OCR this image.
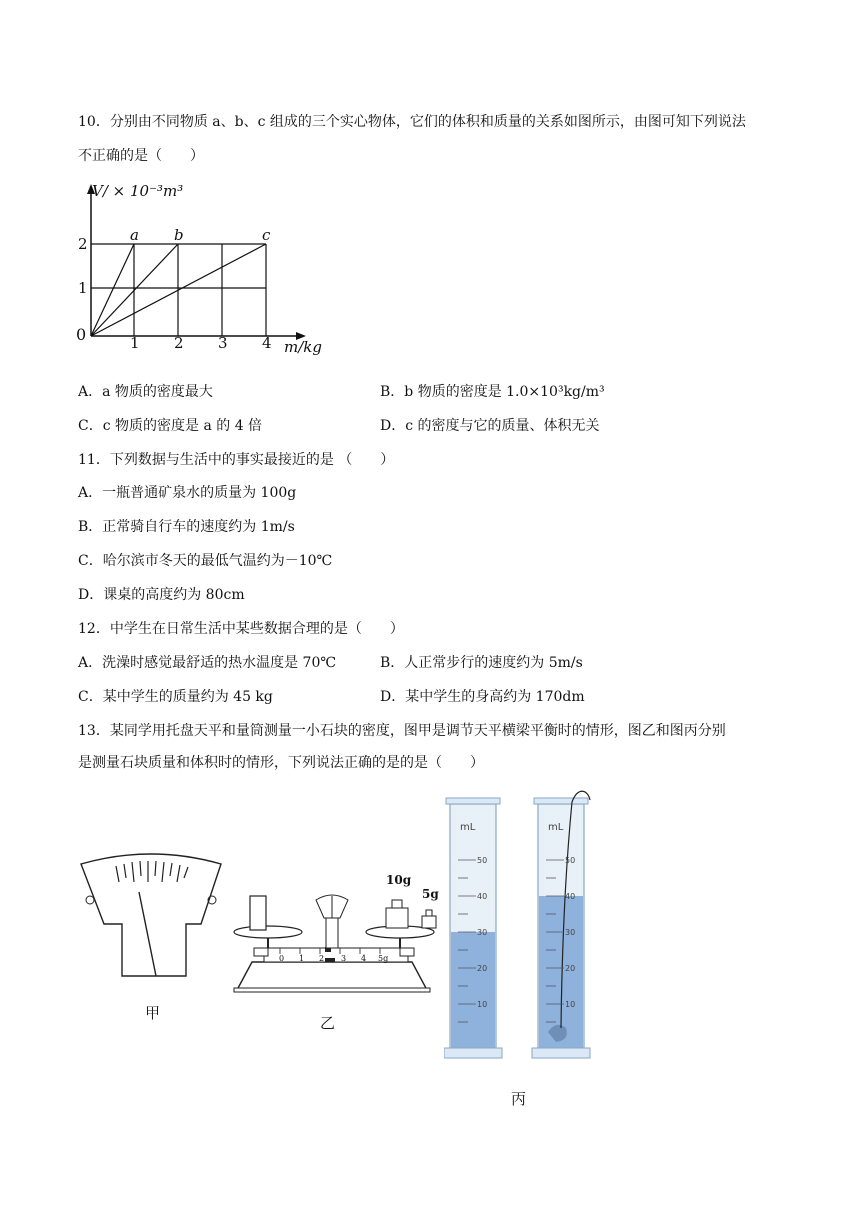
10．分别由不同物质 a、b、c 组成的三个实心物体，它们的体积和质量的关系如图所示，由图可知下列说法
不正确的是（　　）
V/ × 10⁻³m³
m/kg
0	1 2 3 4
1
2	a b	c
A．a 物质的密度最大	B．b 物质的密度是 1.0×10³kg/m³
C．c 物质的密度是 a 的 4 倍	D．c 的密度与它的质量、体积无关
11．下列数据与生活中的事实最接近的是 （　　）
A．一瓶普通矿泉水的质量为 100g
B．正常骑自行车的速度约为 1m/s
C．哈尔滨市冬天的最低气温约为－10℃
D．课桌的高度约为 80cm
12．中学生在日常生活中某些数据合理的是（　　）
A．洗澡时感觉最舒适的热水温度是 70℃	B．人正常步行的速度约为 5m/s
C．某中学生的质量约为 45 kg	D．某中学生的身高约为 170dm
13．某同学用托盘天平和量筒测量一小石块的密度，图甲是调节天平横梁平衡时的情形，图乙和图丙分别
是测量石块质量和体积时的情形，下列说法正确的是的是（　　）
甲
0 1 2 3 4 5g
10g
5g
乙
mL
50
40
30
20
10
mL
50
40
30
20
10
丙
